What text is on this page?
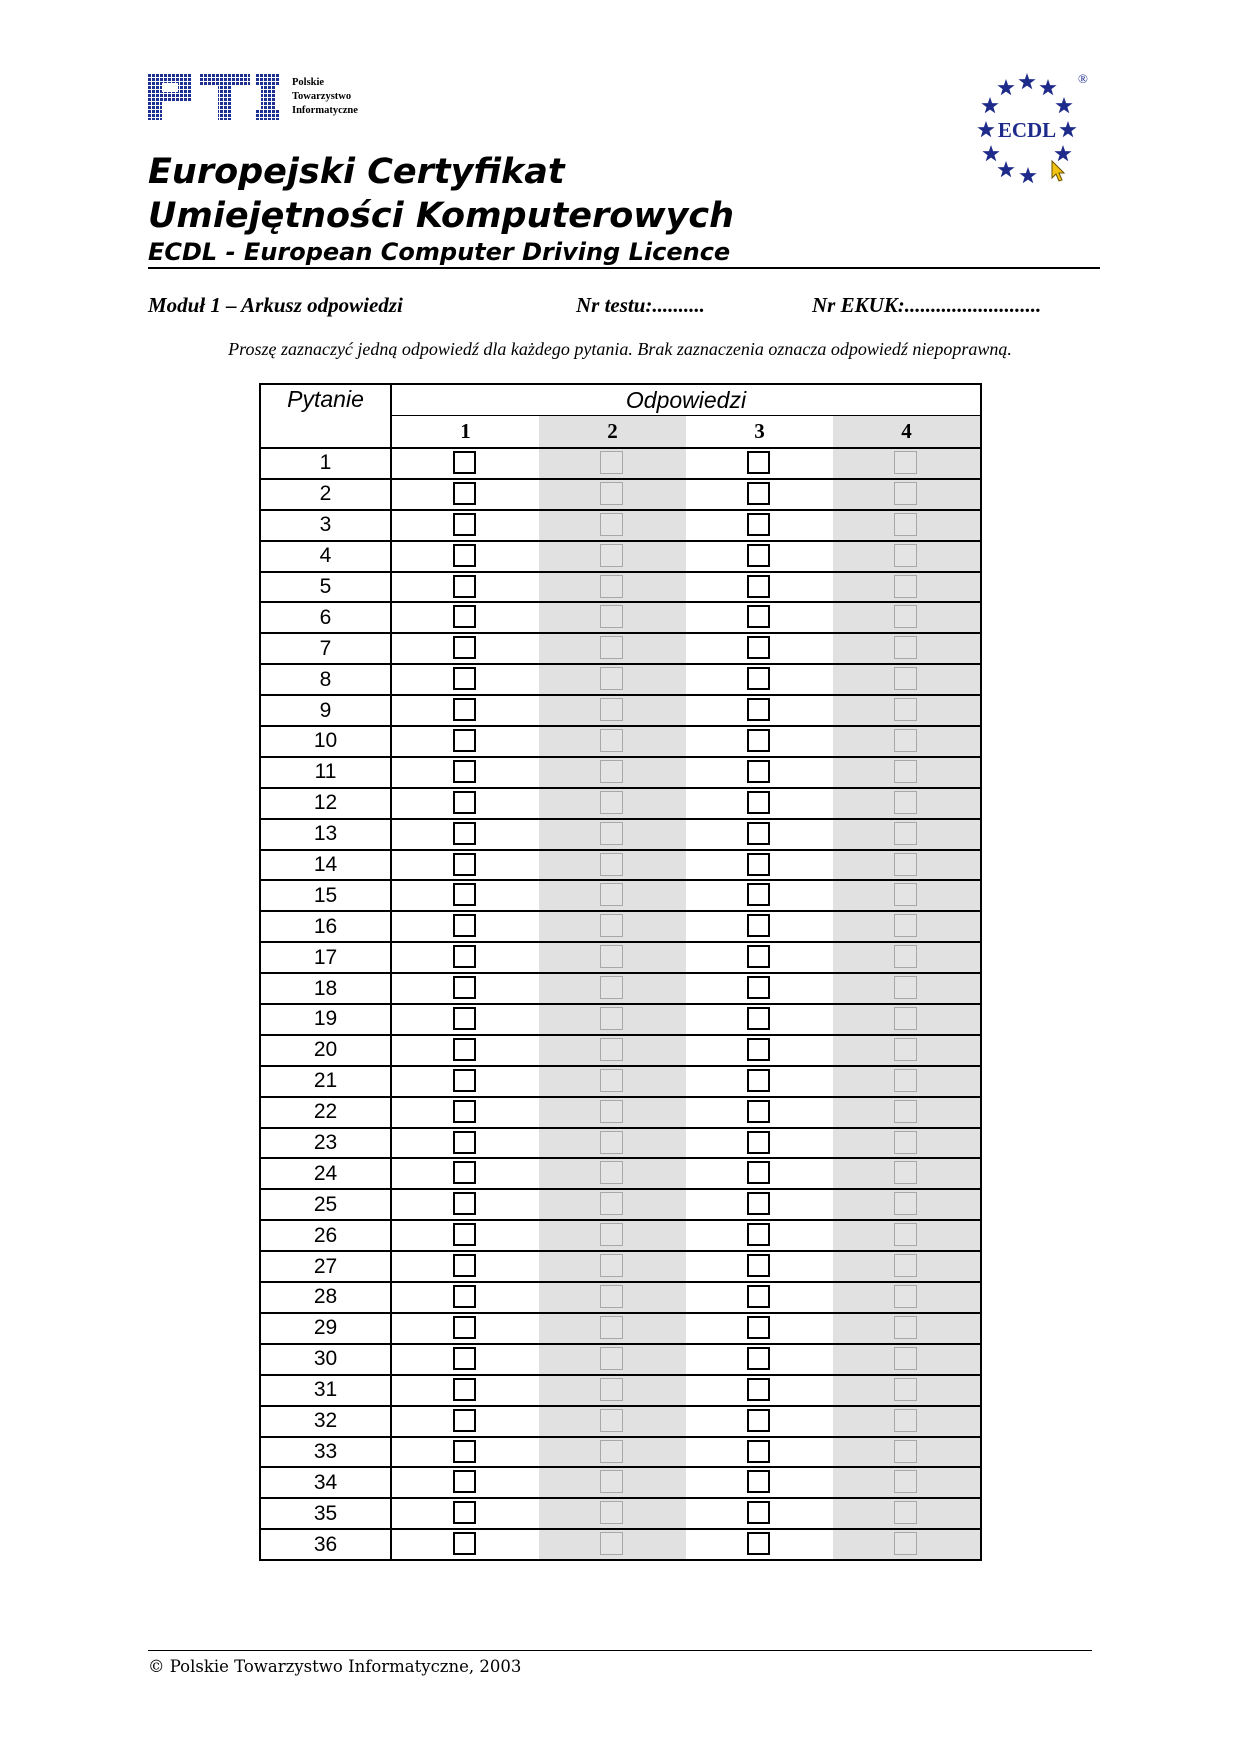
Polskie
Towarzystwo
Informatyczne
ECDL
®
Europejski Certyfikat
Umiejętności Komputerowych
ECDL - European Computer Driving Licence
Moduł 1 – Arkusz odpowiedzi	Nr testu:..........	Nr EKUK:..........................
Proszę zaznaczyć jedną odpowiedź dla każdego pytania. Brak zaznaczenia oznacza odpowiedź niepoprawną.
Pytanie	Odpowiedzi			
	1	2	3	4
1	

2	

3	

4	

5	

6	

7	

8	

9	

10	

11	

12	

13	

14	

15	

16	

17	

18	

19	

20	

21	

22	

23	

24	

25	

26	

27	

28	

29	

30	

31	

32	

33	

34	

35	

36	

© Polskie Towarzystwo Informatyczne, 2003
